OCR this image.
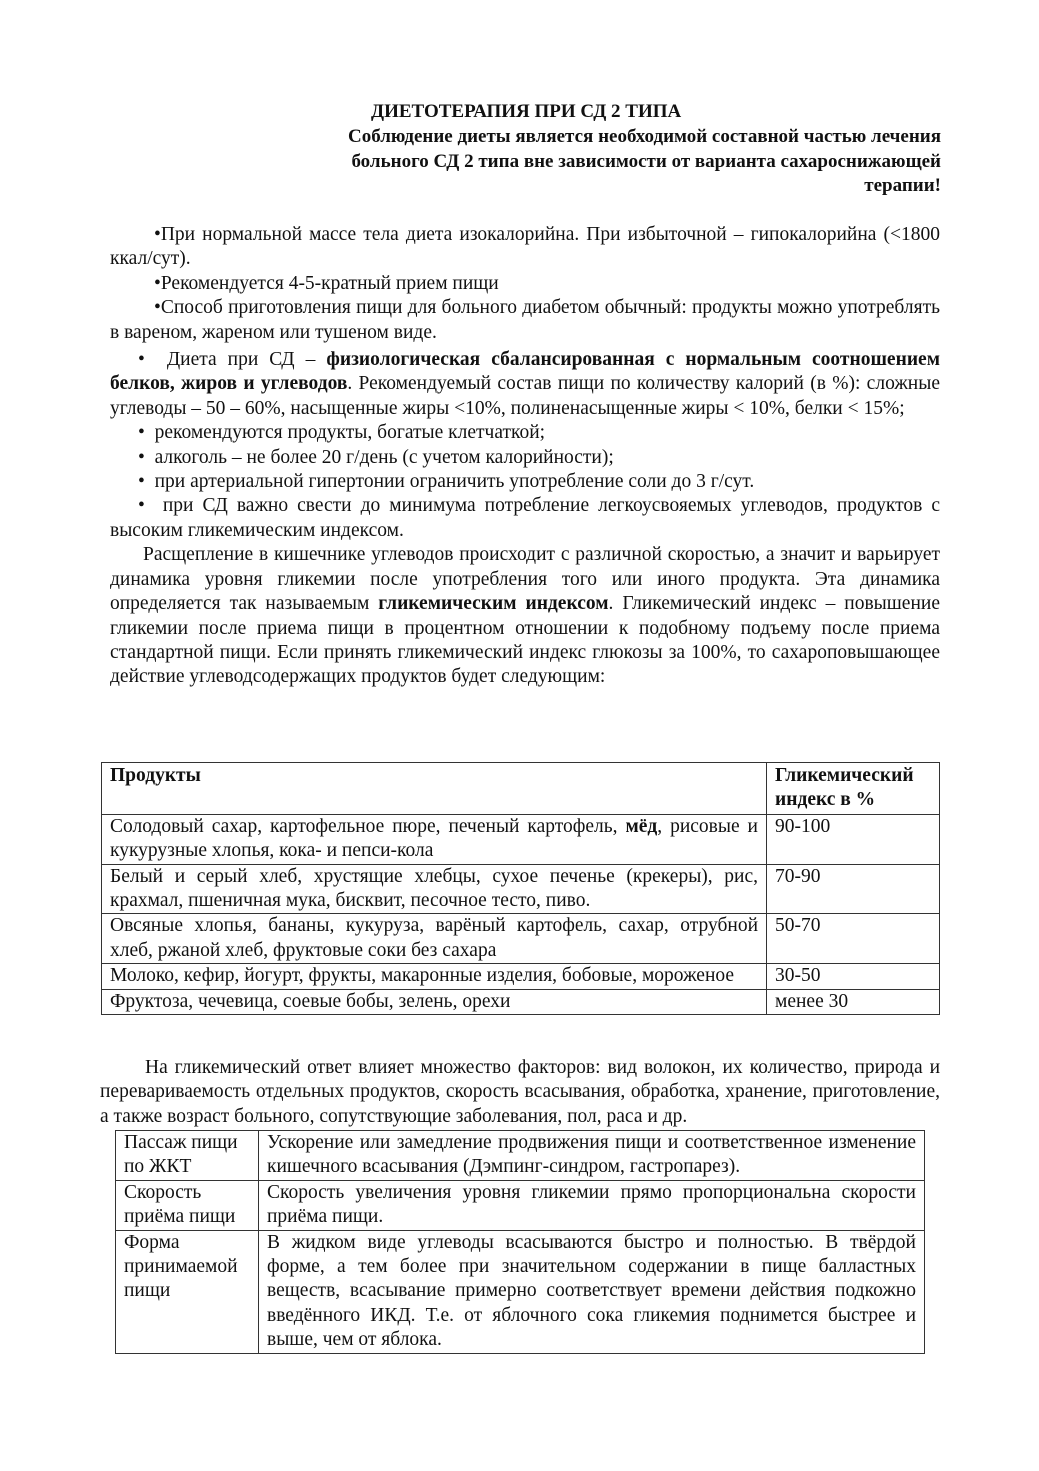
ДИЕТОТЕРАПИЯ ПРИ СД 2 ТИПА
Соблюдение диеты является необходимой составной частью лечения больного СД 2 типа вне зависимости от варианта сахароснижающей терапии!

•При нормальной массе тела диета изокалорийна. При избыточной – гипокалорийна (<1800 ккал/сут).

•Рекомендуется 4-5-кратный прием пищи

•Способ приготовления пищи для больного диабетом обычный: продукты можно употреблять в вареном, жареном или тушеном виде.

•  Диета при СД – физиологическая сбалансированная с нормальным соотношением белков, жиров и углеводов. Рекомендуемый состав пищи по количеству калорий (в %): сложные углеводы – 50 – 60%, насыщенные жиры <10%, полиненасыщенные жиры < 10%, белки < 15%;

•  рекомендуются продукты, богатые клетчаткой;

•  алкоголь – не более 20 г/день (с учетом калорийности);

•  при артериальной гипертонии ограничить употребление соли до 3 г/сут.

•  при СД важно свести до минимума потребление легкоусвояемых углеводов, продуктов с высоким гликемическим индексом.

Расщепление в кишечнике углеводов происходит с различной скоростью, а значит и варьирует динамика уровня гликемии после употребления того или иного продукта. Эта динамика определяется так называемым гликемическим индексом. Гликемический индекс – повышение гликемии после приема пищи в процентном отношении к подобному подъему после приема стандартной пищи. Если принять гликемический индекс глюкозы за 100%, то сахароповышающее действие углеводсодержащих продуктов будет следующим:

Продукты	Гликемический индекс в %
Солодовый сахар, картофельное пюре, печеный картофель, мёд, рисовые и кукурузные хлопья, кока- и пепси-кола	90-100
Белый и серый хлеб, хрустящие хлебцы, сухое печенье (крекеры), рис, крахмал, пшеничная мука, бисквит, песочное тесто, пиво.	70-90
Овсяные хлопья, бананы, кукуруза, варёный картофель, сахар, отрубной хлеб, ржаной хлеб, фруктовые соки без сахара	50-70
Молоко, кефир, йогурт, фрукты, макаронные изделия, бобовые, мороженое	30-50
Фруктоза, чечевица, соевые бобы, зелень, орехи	менее 30

На гликемический ответ влияет множество факторов: вид волокон, их количество, природа и перевариваемость отдельных продуктов, скорость всасывания, обработка, хранение, приготовление, а также возраст больного, сопутствующие заболевания, пол, раса и др.

Пассаж пищи по ЖКТ	Ускорение или замедление продвижения пищи и соответственное изменение кишечного всасывания (Дэмпинг-синдром, гастропарез).
Скорость приёма пищи	Скорость увеличения уровня гликемии прямо пропорциональна скорости приёма пищи.
Форма принимаемой пищи	В жидком виде углеводы всасываются быстро и полностью. В твёрдой форме, а тем более при значительном содержании в пище балластных веществ, всасывание примерно соответствует времени действия подкожно введённого ИКД. Т.е. от яблочного сока гликемия поднимется быстрее и выше, чем от яблока.
